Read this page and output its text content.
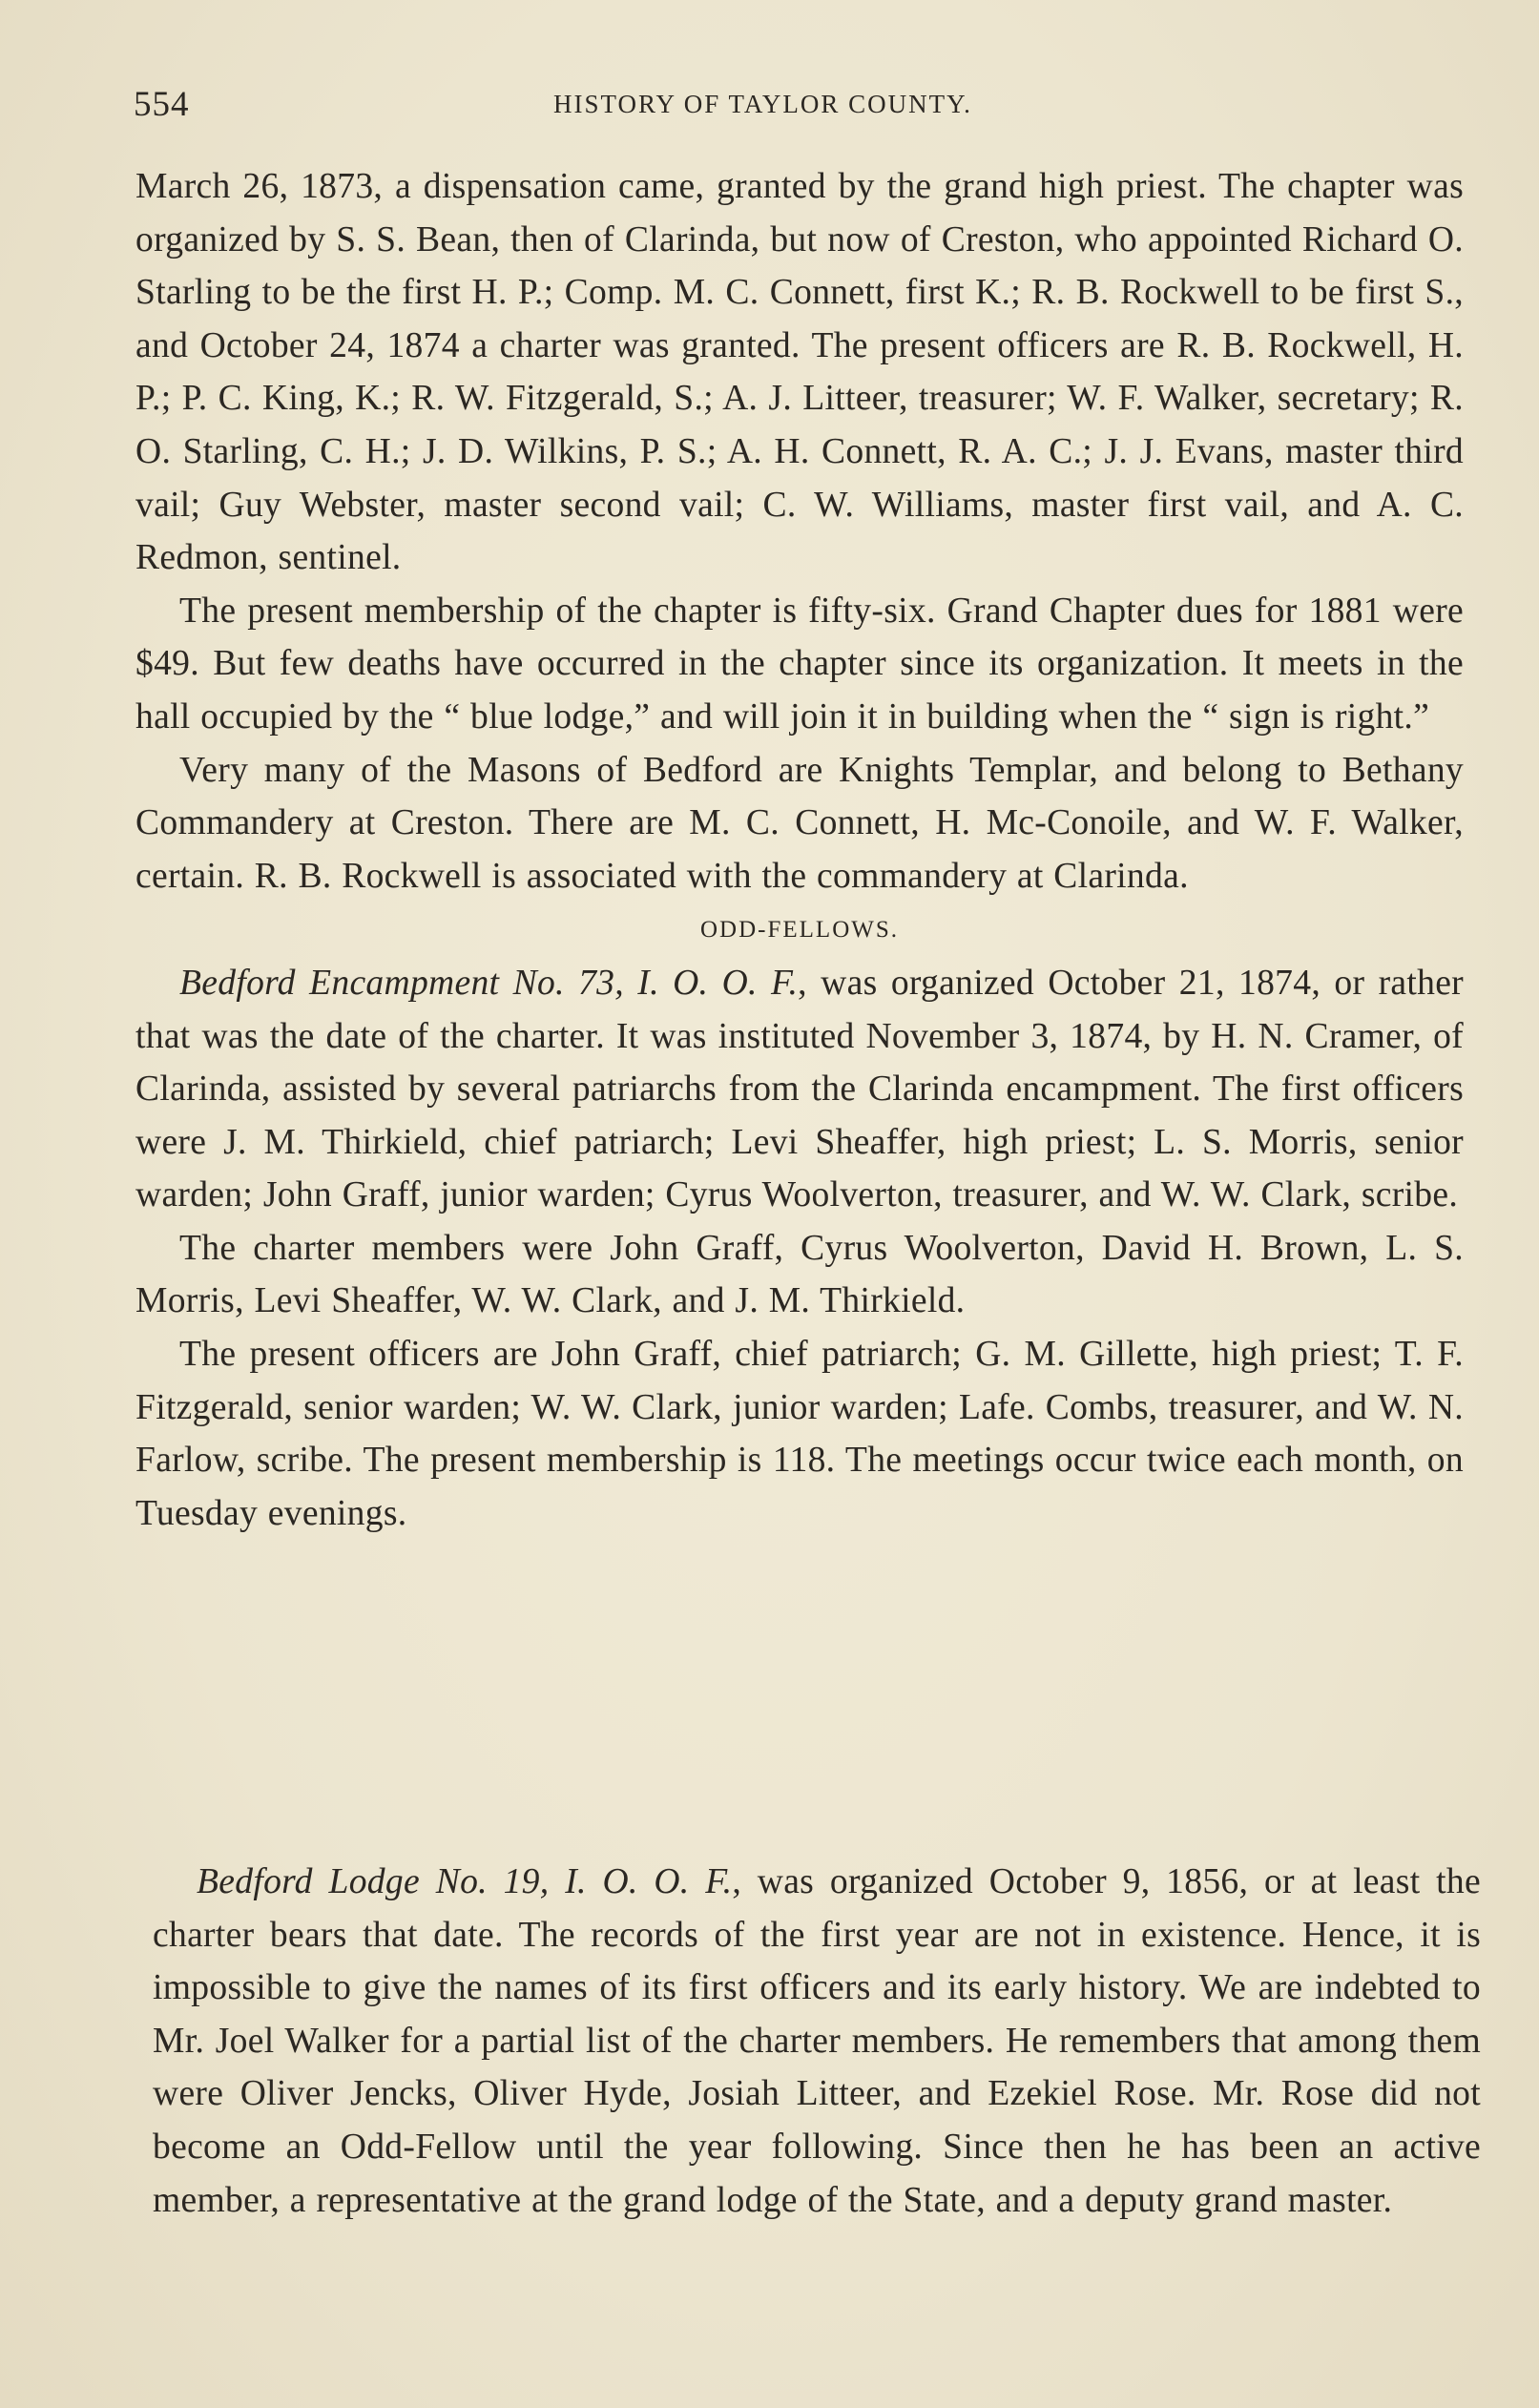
554	HISTORY OF TAYLOR COUNTY.

March 26, 1873, a dispensation came, granted by the grand high priest. The chapter was organized by S. S. Bean, then of Clarinda, but now of Creston, who appointed Richard O. Starling to be the first H. P.; Comp. M. C. Connett, first K.; R. B. Rockwell to be first S., and October 24, 1874 a charter was granted. The present officers are R. B. Rockwell, H. P.; P. C. King, K.; R. W. Fitzgerald, S.; A. J. Litteer, treasurer; W. F. Walker, secretary; R. O. Starling, C. H.; J. D. Wilkins, P. S.; A. H. Connett, R. A. C.; J. J. Evans, master third vail; Guy Webster, master second vail; C. W. Williams, master first vail, and A. C. Redmon, sentinel.

The present membership of the chapter is fifty-six. Grand Chapter dues for 1881 were $49. But few deaths have occurred in the chapter since its organization. It meets in the hall occupied by the “ blue lodge,” and will join it in building when the “ sign is right.”

Very many of the Masons of Bedford are Knights Templar, and belong to Bethany Commandery at Creston. There are M. C. Connett, H. Mc-Conoile, and W. F. Walker, certain. R. B. Rockwell is associated with the commandery at Clarinda.

ODD-FELLOWS.

Bedford Encampment No. 73, I. O. O. F., was organized October 21, 1874, or rather that was the date of the charter. It was instituted November 3, 1874, by H. N. Cramer, of Clarinda, assisted by several patriarchs from the Clarinda encampment. The first officers were J. M. Thirkield, chief patriarch; Levi Sheaffer, high priest; L. S. Morris, senior warden; John Graff, junior warden; Cyrus Woolverton, treasurer, and W. W. Clark, scribe.

The charter members were John Graff, Cyrus Woolverton, David H. Brown, L. S. Morris, Levi Sheaffer, W. W. Clark, and J. M. Thirkield.

The present officers are John Graff, chief patriarch; G. M. Gillette, high priest; T. F. Fitzgerald, senior warden; W. W. Clark, junior warden; Lafe. Combs, treasurer, and W. N. Farlow, scribe. The present membership is 118. The meetings occur twice each month, on Tuesday evenings.

Bedford Lodge No. 19, I. O. O. F., was organized October 9, 1856, or at least the charter bears that date. The records of the first year are not in existence. Hence, it is impossible to give the names of its first officers and its early history. We are indebted to Mr. Joel Walker for a partial list of the charter members. He remembers that among them were Oliver Jencks, Oliver Hyde, Josiah Litteer, and Ezekiel Rose. Mr. Rose did not become an Odd-Fellow until the year following. Since then he has been an active member, a representative at the grand lodge of the State, and a deputy grand master.
